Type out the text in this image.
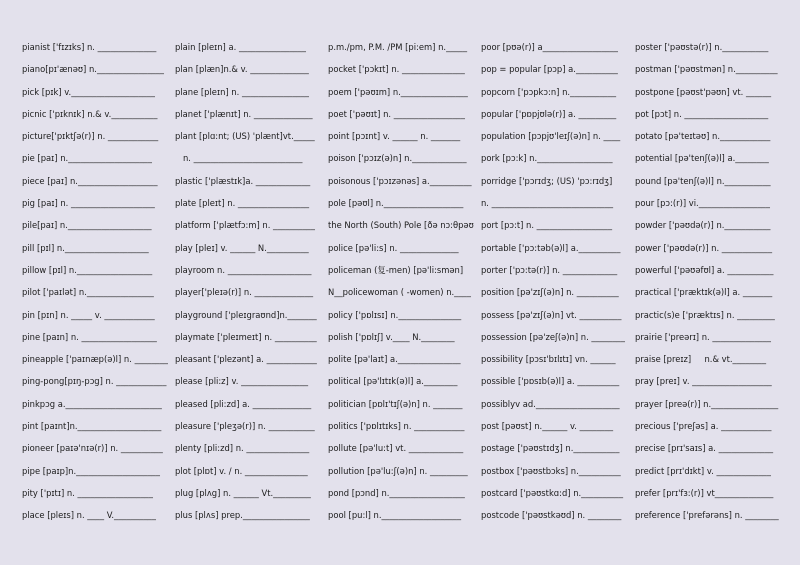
pianist ['fɪzɪks] n. ______________
piano[pɪ'ænəʊ] n.________________
pick [pɪk] v.____________________
picnic ['pɪknɪk] n.& v.___________
picture['pɪktʃə(r)] n. ____________
pie [paɪ] n.____________________
piece [paɪ] n.___________________
pig [paɪ] n. ____________________
pile[paɪ] n.____________________
pill [pɪl] n.____________________
pillow [pɪl] n.__________________
pilot ['paɪlət] n.________________
pin [pɪn] n. _____ v. ____________
pine [paɪn] n. __________________
pineapple ['paɪnæp(ə)l] n. ________
ping-pong[pɪŋ-pɔg] n. ____________
pinkpɔg a._______________________
pint [paɪnt]n.____________________
pioneer [paɪə'nɪə(r)] n. __________
pipe [paɪp]n.____________________
pity ['pɪtɪ] n. __________________
place [pleɪs] n. ____ V.__________
plain [pleɪn] a. ________________
plan [plæn]n.& v. ______________
plane [pleɪn] n. ________________
planet ['plænɪt] n. ______________
plant [plɑ:nt; (US) 'plænt]vt._____
n. __________________________
plastic ['plæstɪk]a. _____________
plate [pleɪt] n. _________________
platform ['plætfɔ:m] n. __________
play [pleɪ] v. ______ N.__________
playroom n. ____________________
player['pleɪə(r)] n. ______________
playground ['pleɪgraʊnd]n._______
playmate ['pleɪmeɪt] n. __________
pleasant ['plezənt] a. ____________
please [pli:z] v. ________________
pleased [pli:zd] a. ______________
pleasure ['pleʒə(r)] n. ___________
plenty [pli:zd] n. _______________
plot [plɒt] v. / n. _______________
plug [plʌg] n. ______ Vt._________
plus [plʌs] prep.________________
p.m./pm, P.M. /PM [pi:em] n._____
pocket ['pɔkɪt] n. _______________
poem ['pəʊɪm] n.________________
poet ['pəʊɪt] n. _________________
point [pɔɪnt] v. ______ n. _______
poison ['pɔɪz(ə)n] n._____________
poisonous ['pɔɪzənəs] a.__________
pole [pəʊl] n.___________________
the North (South) Pole [ðə nɔ:θpəʊ
police [pə'li:s] n. ______________
policeman (复-men) [pə'li:smən]
N__policewoman ( -women) n.____
policy ['pɒlɪsɪ] n._______________
polish ['pɒlɪʃ] v.____ N.________
polite [pə'laɪt] a._______________
political [pə'lɪtɪk(ə)l] a.________
politician [pɒlɪ'tɪʃ(ə)n] n. _______
politics ['pɒlɪtɪks] n. ____________
pollute [pə'lu:t] vt. _____________
pollution [pə'lu:ʃ(ə)n] n. _________
pond [pɔnd] n.__________________
pool [pu:l] n.___________________
poor [pʊə(r)] a__________________
pop = popular [pɔp] a.__________
popcorn ['pɔpkɔ:n] n.___________
popular ['pɒpjʊlə(r)] a. _________
population [pɔpjʊ'leɪʃ(ə)n] n. ____
pork [pɔ:k] n.__________________
porridge ['pɔrɪdʒ; (US) 'pɔ:rɪdʒ]
n. _____________________________
port [pɔ:t] n. __________________
portable ['pɔ:təb(ə)l] a.__________
porter ['pɔ:tə(r)] n. _____________
position [pə'zɪʃ(ə)n] n. __________
possess [pə'zɪʃ(ə)n] vt. __________
possession [pə'zeʃ(ə)n] n. ________
possibility [pɔsɪ'bɪlɪtɪ] vn. ______
possible ['pɒsɪb(ə)l] a. __________
possiblyv ad.____________________
post [pəʊst] n.______ v. ________
postage ['pəʊstɪdʒ] n.___________
postbox ['pəʊstbɔks] n.__________
postcard ['pəʊstkɑ:d] n.__________
postcode ['pəʊstkəʊd] n. ________
poster ['pəʊstə(r)] n.___________
postman ['pəʊstmən] n.__________
postpone [pəʊst'pəʊn] vt. ______
pot [pɔt] n. ____________________
potato [pə'teɪtəʊ] n.____________
potential [pə'tenʃ(ə)l] a.________
pound [pə'tenʃ(ə)l] n.___________
pour [pɔ:(r)] vi._________________
powder ['pəʊdə(r)] n.___________
power ['pəʊdə(r)] n. ____________
powerful ['pəʊəfʊl] a. ___________
practical ['præktɪk(ə)l] a. _______
practic(s)e ['præktɪs] n. _________
prairie ['preərɪ] n. ______________
praise [preɪz]     n.& vt.________
pray [preɪ] v. ___________________
prayer [preə(r)] n.________________
precious ['preʃəs] a. ____________
precise [prɪ'saɪs] a. _____________
predict [prɪ'dɪkt] v. _____________
prefer [prɪ'fɜ:(r)] vt______________
preference ['prefərəns] n. ________
